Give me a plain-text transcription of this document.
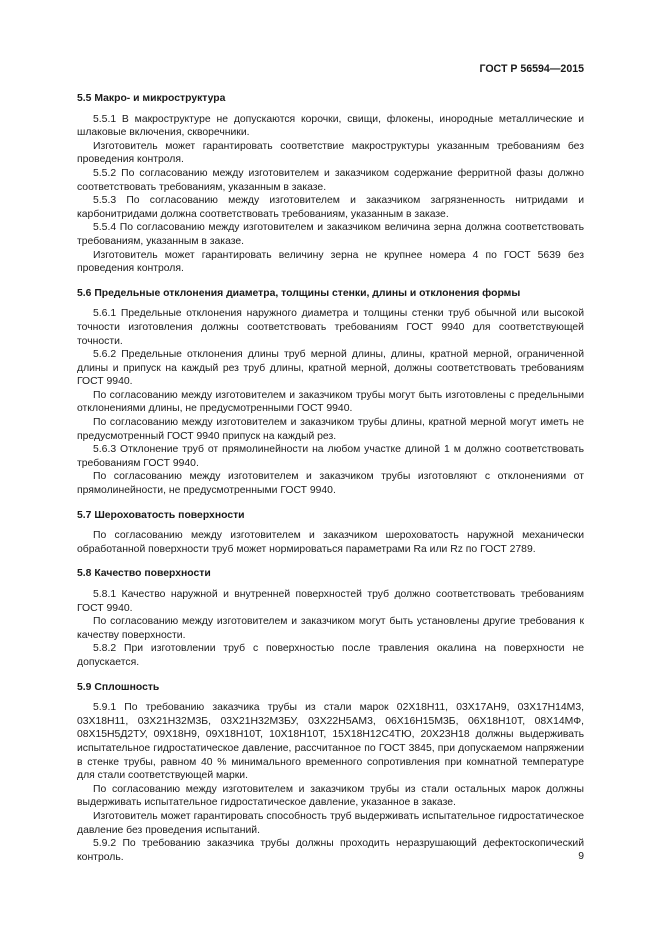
ГОСТ Р 56594—2015
5.5 Макро- и микроструктура

5.5.1 В макроструктуре не допускаются корочки, свищи, флокены, инородные металлические и шлаковые включения, скворечники.

Изготовитель может гарантировать соответствие макроструктуры указанным требованиям без проведения контроля.

5.5.2 По согласованию между изготовителем и заказчиком содержание ферритной фазы должно соответствовать требованиям, указанным в заказе.

5.5.3 По согласованию между изготовителем и заказчиком загрязненность нитридами и карбонитридами должна соответствовать требованиям, указанным в заказе.

5.5.4 По согласованию между изготовителем и заказчиком величина зерна должна соответствовать требованиям, указанным в заказе.

Изготовитель может гарантировать величину зерна не крупнее номера 4 по ГОСТ 5639 без проведения контроля.

5.6 Предельные отклонения диаметра, толщины стенки, длины и отклонения формы

5.6.1 Предельные отклонения наружного диаметра и толщины стенки труб обычной или высокой точности изготовления должны соответствовать требованиям ГОСТ 9940 для соответствующей точности.

5.6.2 Предельные отклонения длины труб мерной длины, длины, кратной мерной, ограниченной длины и припуск на каждый рез труб длины, кратной мерной, должны соответствовать требованиям ГОСТ 9940.

По согласованию между изготовителем и заказчиком трубы могут быть изготовлены с предельными отклонениями длины, не предусмотренными ГОСТ 9940.

По согласованию между изготовителем и заказчиком трубы длины, кратной мерной могут иметь не предусмотренный ГОСТ 9940 припуск на каждый рез.

5.6.3 Отклонение труб от прямолинейности на любом участке длиной 1 м должно соответствовать требованиям ГОСТ 9940.

По согласованию между изготовителем и заказчиком трубы изготовляют с отклонениями от прямолинейности, не предусмотренными ГОСТ 9940.

5.7 Шероховатость поверхности

По согласованию между изготовителем и заказчиком шероховатость наружной механически обработанной поверхности труб может нормироваться параметрами Ra или Rz по ГОСТ 2789.

5.8 Качество поверхности

5.8.1 Качество наружной и внутренней поверхностей труб должно соответствовать требованиям ГОСТ 9940.

По согласованию между изготовителем и заказчиком могут быть установлены другие требования к качеству поверхности.

5.8.2 При изготовлении труб с поверхностью после травления окалина на поверхности не допускается.

5.9 Сплошность

5.9.1 По требованию заказчика трубы из стали марок 02Х18Н11, 03Х17АН9, 03Х17Н14М3, 03Х18Н11, 03Х21Н32М3Б, 03Х21Н32М3БУ, 03Х22Н5АМ3, 06Х16Н15М3Б, 06Х18Н10Т, 08Х14МФ, 08Х15Н5Д2ТУ, 09Х18Н9, 09Х18Н10Т, 10Х18Н10Т, 15Х18Н12С4ТЮ, 20Х23Н18 должны выдерживать испытательное гидростатическое давление, рассчитанное по ГОСТ 3845, при допускаемом напряжении в стенке трубы, равном 40 % минимального временного сопротивления при комнатной температуре для стали соответствующей марки.

По согласованию между изготовителем и заказчиком трубы из стали остальных марок должны выдерживать испытательное гидростатическое давление, указанное в заказе.

Изготовитель может гарантировать способность труб выдерживать испытательное гидростатическое давление без проведения испытаний.

5.9.2 По требованию заказчика трубы должны проходить неразрушающий дефектоскопический контроль.	9
